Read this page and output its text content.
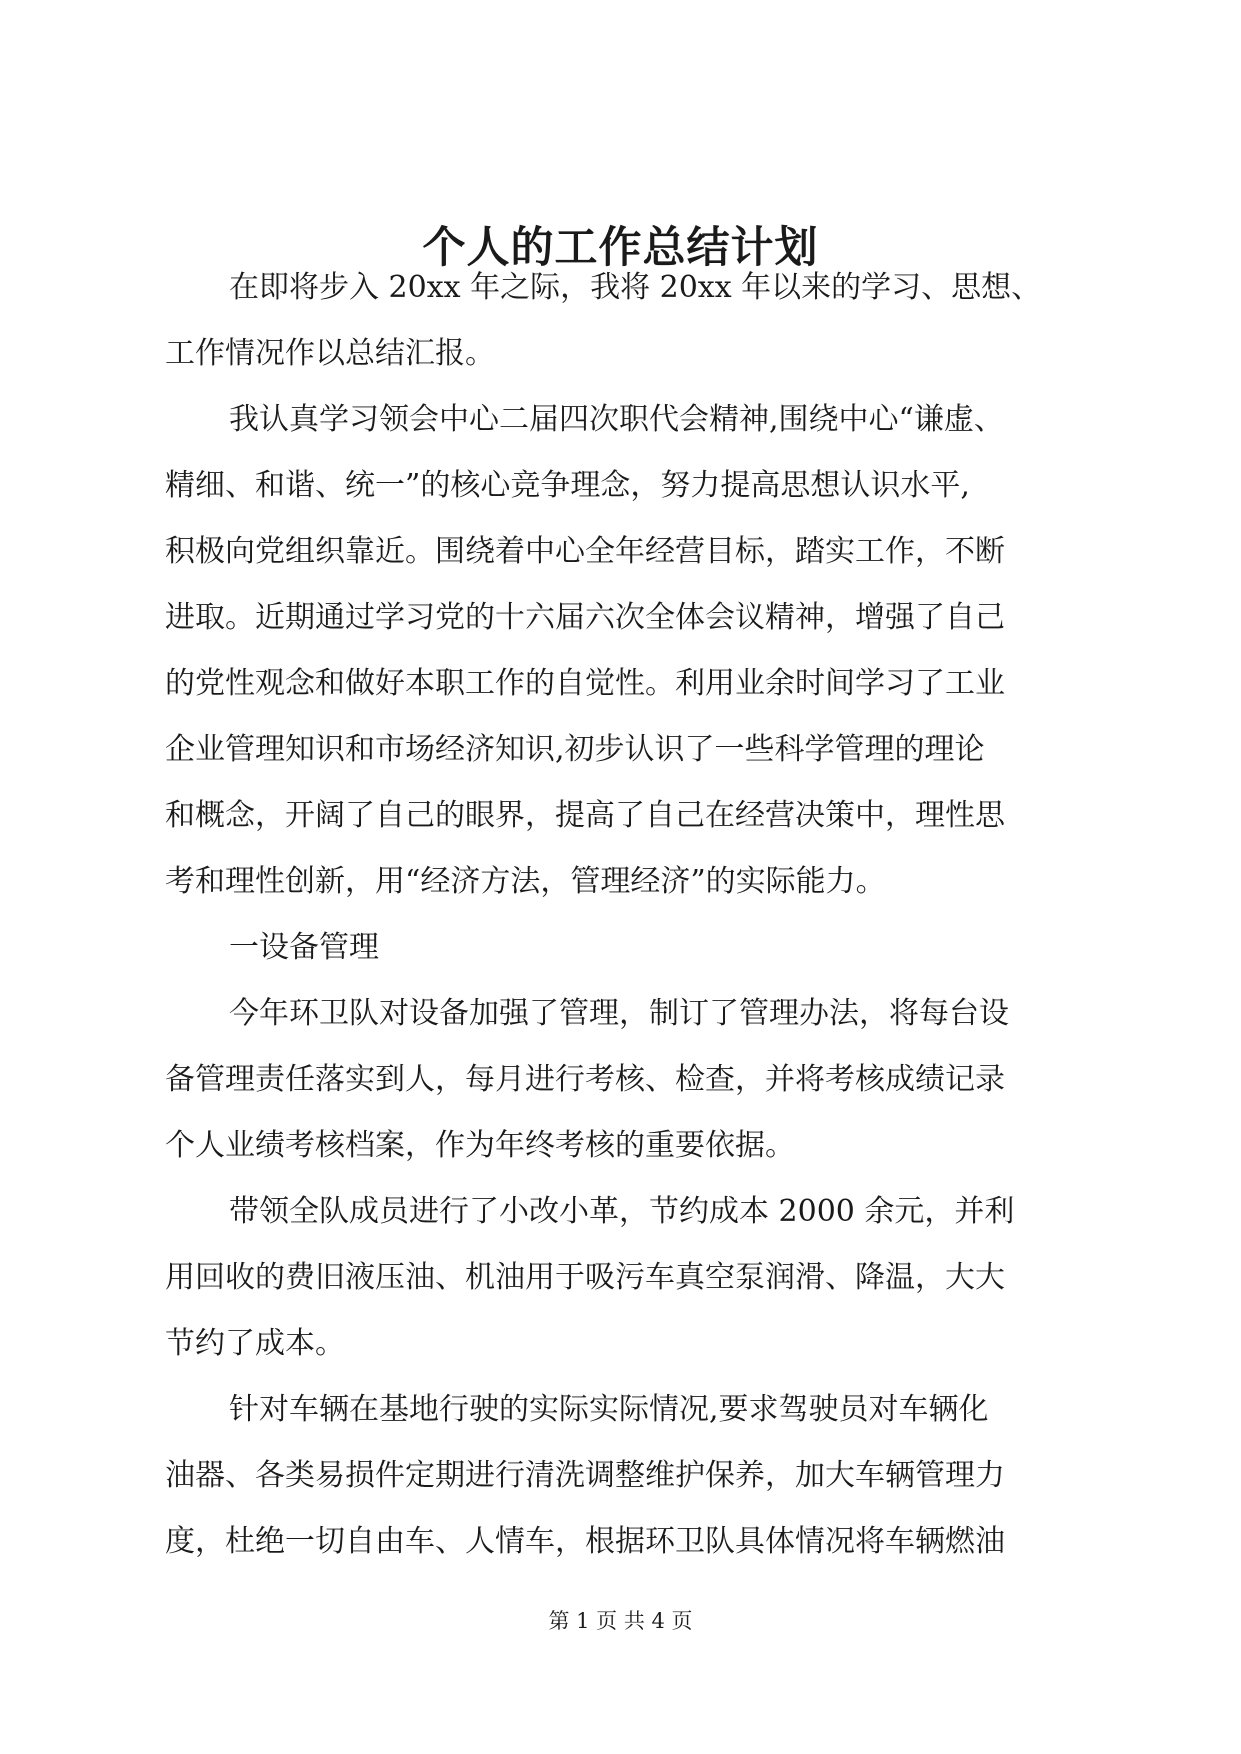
个人的工作总结计划
在即将步入 20xx 年之际，我将 20xx 年以来的学习、思想、
工作情况作以总结汇报。
我认真学习领会中心二届四次职代会精神,围绕中心“谦虚、
精细、和谐、统一”的核心竞争理念，努力提高思想认识水平,
积极向党组织靠近。围绕着中心全年经营目标，踏实工作，不断
进取。近期通过学习党的十六届六次全体会议精神，增强了自己
的党性观念和做好本职工作的自觉性。利用业余时间学习了工业
企业管理知识和市场经济知识,初步认识了一些科学管理的理论
和概念，开阔了自己的眼界，提高了自己在经营决策中，理性思
考和理性创新，用“经济方法，管理经济”的实际能力。
一设备管理
今年环卫队对设备加强了管理，制订了管理办法，将每台设
备管理责任落实到人，每月进行考核、检查，并将考核成绩记录
个人业绩考核档案，作为年终考核的重要依据。
带领全队成员进行了小改小革，节约成本 2000 余元，并利
用回收的费旧液压油、机油用于吸污车真空泵润滑、降温，大大
节约了成本。
针对车辆在基地行驶的实际实际情况,要求驾驶员对车辆化
油器、各类易损件定期进行清洗调整维护保养，加大车辆管理力
度，杜绝一切自由车、人情车，根据环卫队具体情况将车辆燃油
第 1 页 共 4 页
